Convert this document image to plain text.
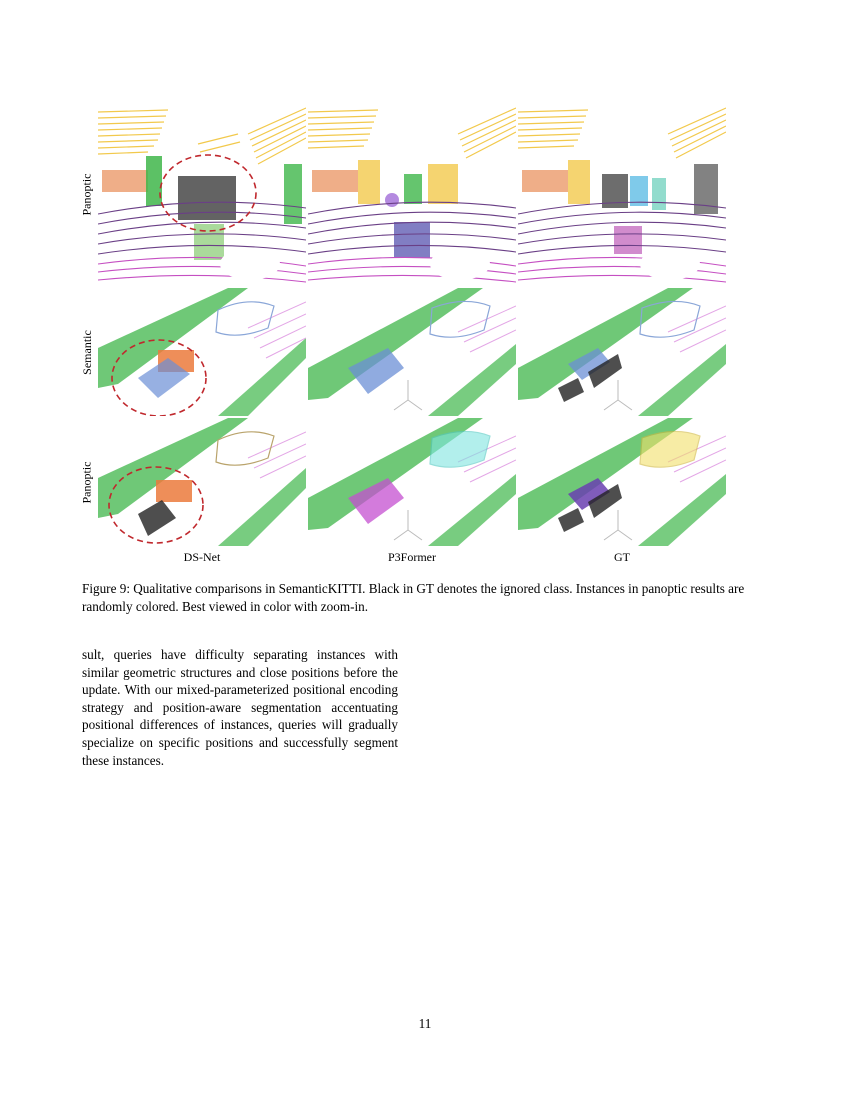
Panoptic
Semantic
Panoptic
DS-Net	P3Former	GT
Figure 9: Qualitative comparisons in SemanticKITTI. Black in GT denotes the ignored class. Instances in panoptic results are randomly colored. Best viewed in color with zoom-in.
sult, queries have difficulty separating instances with similar geometric structures and close positions before the update. With our mixed-parameterized positional encoding strategy and position-aware segmentation accentuating positional differences of instances, queries will gradually specialize on specific positions and successfully segment these instances.
11
